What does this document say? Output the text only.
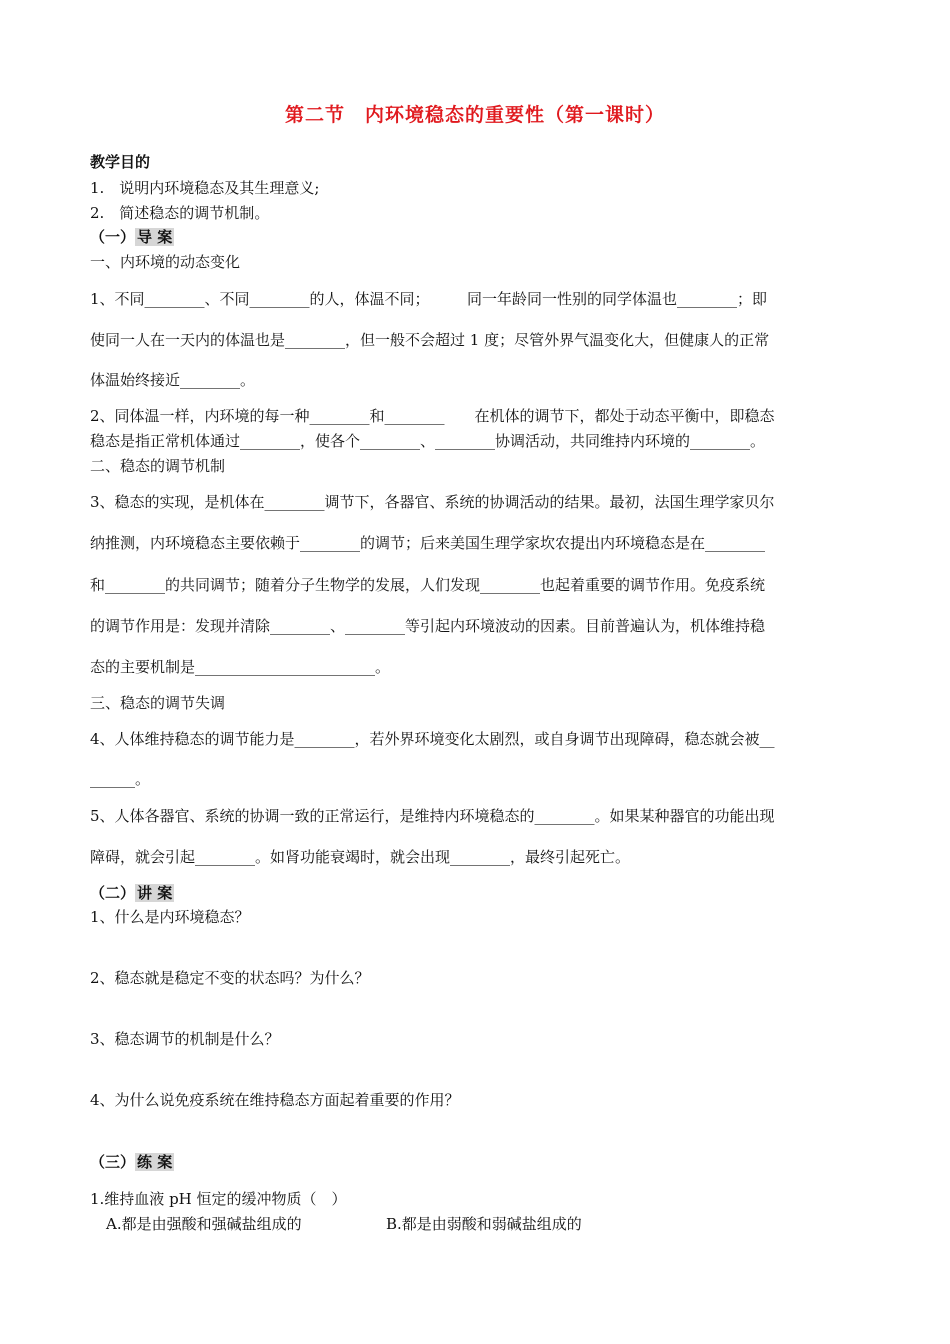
第二节　内环境稳态的重要性（第一课时）
教学目的
1.　说明内环境稳态及其生理意义;
2.　简述稳态的调节机制。
（一） 导 案
一、内环境的动态变化
1、不同________、不同________的人，体温不同；　　　同一年龄同一性别的同学体温也________；即
使同一人在一天内的体温也是________，但一般不会超过 1 度；尽管外界气温变化大，但健康人的正常
体温始终接近________。
2、同体温一样，内环境的每一种________和________　　在机体的调节下，都处于动态平衡中，即稳态
稳态是指正常机体通过________，使各个________、________协调活动，共同维持内环境的________。
二、稳态的调节机制
3、稳态的实现，是机体在________调节下，各器官、系统的协调活动的结果。最初，法国生理学家贝尔
纳推测，内环境稳态主要依赖于________的调节；后来美国生理学家坎农提出内环境稳态是在________
和________的共同调节；随着分子生物学的发展，人们发现________也起着重要的调节作用。免疫系统
的调节作用是：发现并清除________、________等引起内环境波动的因素。目前普遍认为，机体维持稳
态的主要机制是________________________。
三、稳态的调节失调
4、人体维持稳态的调节能力是________，若外界环境变化太剧烈，或自身调节出现障碍，稳态就会被__
______。
5、人体各器官、系统的协调一致的正常运行，是维持内环境稳态的________。如果某种器官的功能出现
障碍，就会引起________。如肾功能衰竭时，就会出现________，最终引起死亡。
（二） 讲 案
1、什么是内环境稳态？
2、稳态就是稳定不变的状态吗？为什么？
3、稳态调节的机制是什么？
4、为什么说免疫系统在维持稳态方面起着重要的作用？
（三） 练 案
1.维持血液 pH 恒定的缓冲物质（　）
A.都是由强酸和强碱盐组成的	B.都是由弱酸和弱碱盐组成的
